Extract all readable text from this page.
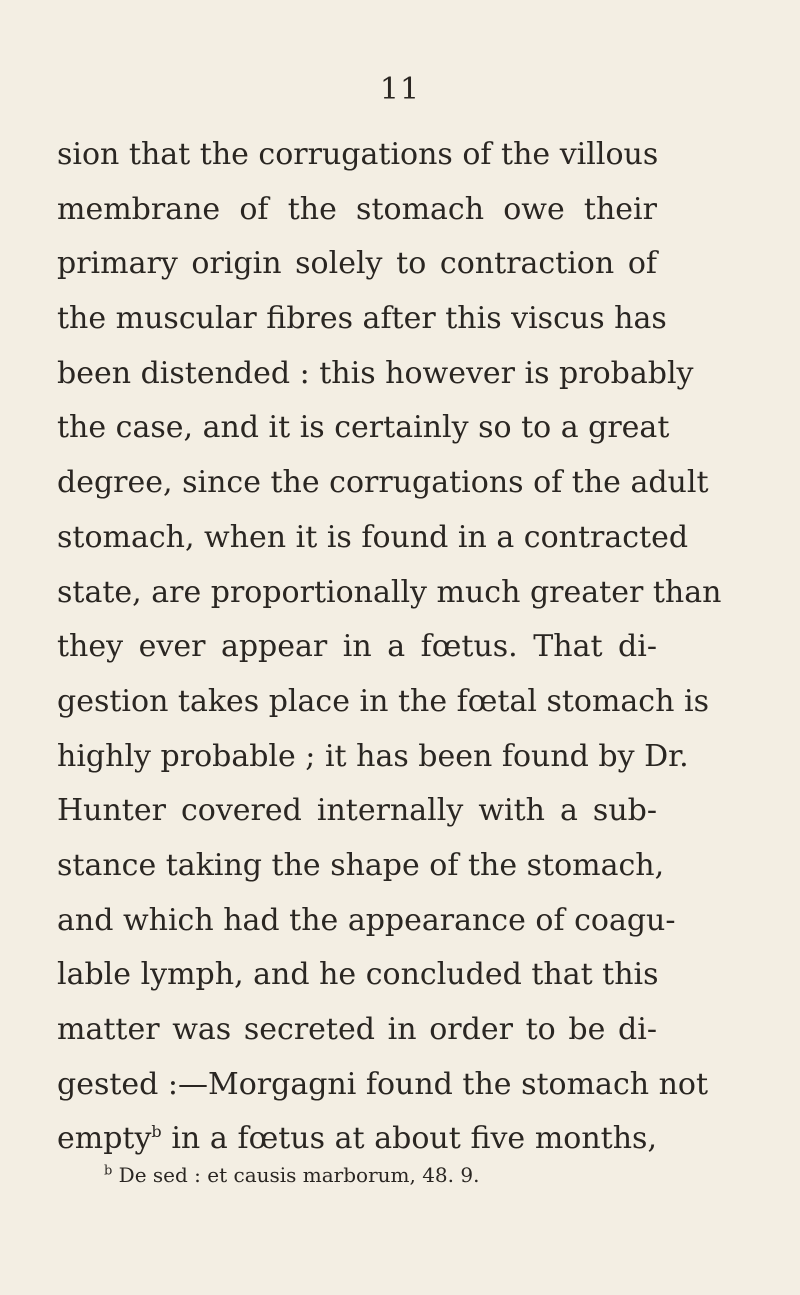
11
sion that the corrugations of the villous
membrane of the stomach owe their
primary origin solely to contraction of
the muscular fibres after this viscus has
been distended : this however is probably
the case, and it is certainly so to a great
degree, since the corrugations of the adult
stomach, when it is found in a contracted
state, are proportionally much greater than
they ever appear in a fœtus. That di-
gestion takes place in the fœtal stomach is
highly probable ; it has been found by Dr.
Hunter covered internally with a sub-
stance taking the shape of the stomach,
and which had the appearance of coagu-
lable lymph, and he concluded that this
matter was secreted in order to be di-
gested :—Morgagni found the stomach not
empty$^b$ in a fœtus at about five months,
$^b$ De sed : et causis marborum, 48. 9.
